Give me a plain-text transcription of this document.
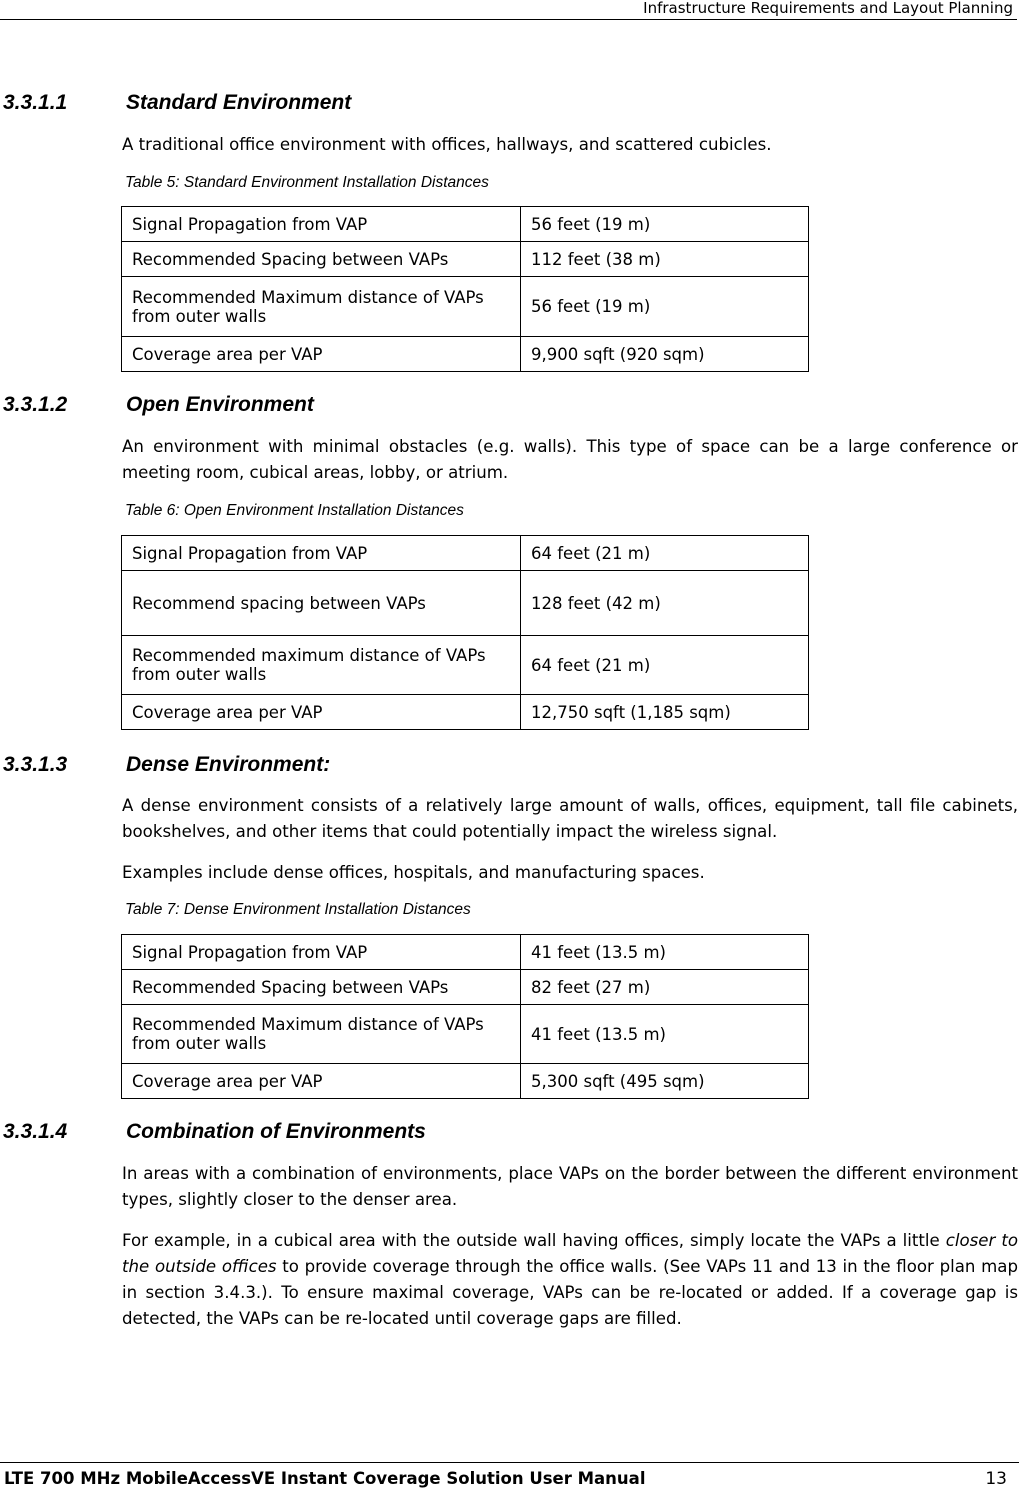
Infrastructure Requirements and Layout Planning
3.3.1.1	Standard Environment
A traditional office environment with offices, hallways, and scattered cubicles.
Table 5: Standard Environment Installation Distances
Signal Propagation from VAP	56 feet (19 m)
Recommended Spacing between VAPs	112 feet (38 m)
Recommended Maximum distance of VAPs from outer walls	56 feet (19 m)
Coverage area per VAP	9,900 sqft (920 sqm)
3.3.1.2	Open Environment
An environment with minimal obstacles (e.g. walls). This type of space can be a large conference or meeting room, cubical areas, lobby, or atrium.
Table 6: Open Environment Installation Distances
Signal Propagation from VAP	64 feet (21 m)
Recommend spacing between VAPs	128 feet (42 m)
Recommended maximum distance of VAPs from outer walls	64 feet (21 m)
Coverage area per VAP	12,750 sqft (1,185 sqm)
3.3.1.3	Dense Environment:
A dense environment consists of a relatively large amount of walls, offices, equipment, tall file cabinets, bookshelves, and other items that could potentially impact the wireless signal.
Examples include dense offices, hospitals, and manufacturing spaces.
Table 7: Dense Environment Installation Distances
Signal Propagation from VAP	41 feet (13.5 m)
Recommended Spacing between VAPs	82 feet (27 m)
Recommended Maximum distance of VAPs from outer walls	41 feet (13.5 m)
Coverage area per VAP	5,300 sqft (495 sqm)
3.3.1.4	Combination of Environments
In areas with a combination of environments, place VAPs on the border between the different environment types, slightly closer to the denser area.
For example, in a cubical area with the outside wall having offices, simply locate the VAPs a little closer to the outside offices to provide coverage through the office walls. (See VAPs 11 and 13 in the floor plan map in section 3.4.3.). To ensure maximal coverage, VAPs can be re-located or added. If a coverage gap is detected, the VAPs can be re-located until coverage gaps are filled.
LTE 700 MHz MobileAccessVE Instant Coverage Solution User Manual	13
